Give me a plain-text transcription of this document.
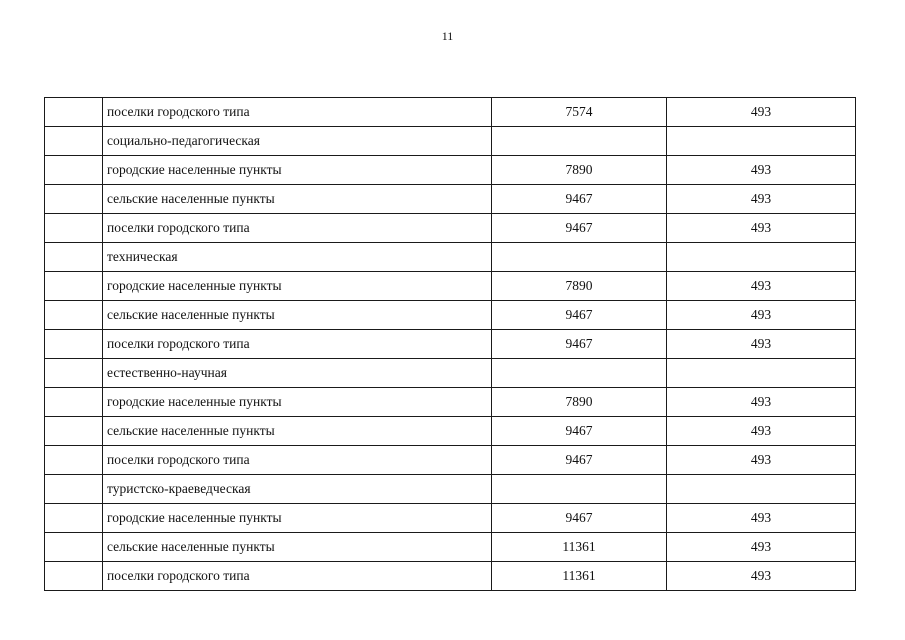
11
	поселки городского типа	7574	493
	социально-педагогическая		
	городские населенные пункты	7890	493
	сельские населенные пункты	9467	493
	поселки городского типа	9467	493
	техническая		
	городские населенные пункты	7890	493
	сельские населенные пункты	9467	493
	поселки городского типа	9467	493
	естественно-научная		
	городские населенные пункты	7890	493
	сельские населенные пункты	9467	493
	поселки городского типа	9467	493
	туристско-краеведческая		
	городские населенные пункты	9467	493
	сельские населенные пункты	11361	493
	поселки городского типа	11361	493
